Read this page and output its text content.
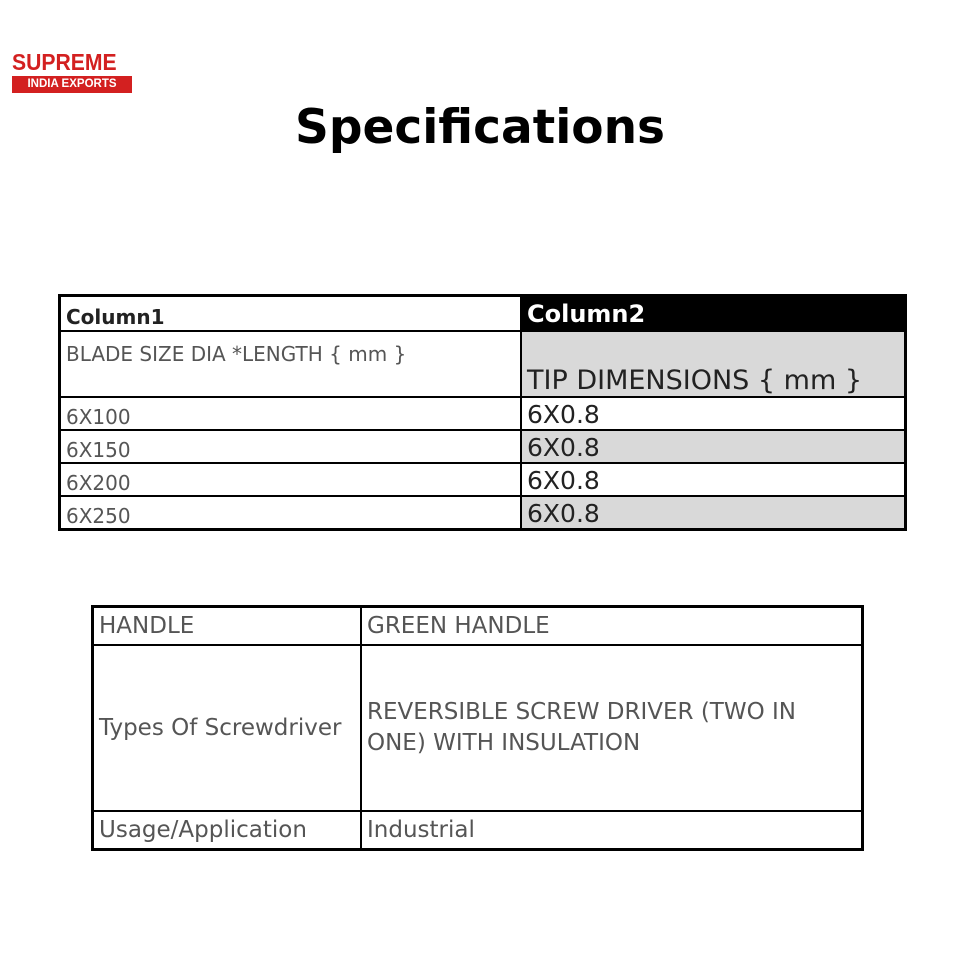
SUPREME
INDIA EXPORTS
Specifications
Column1	Column2
BLADE SIZE DIA *LENGTH { mm }	TIP DIMENSIONS { mm }
6X100	6X0.8
6X150	6X0.8
6X200	6X0.8
6X250	6X0.8
HANDLE	GREEN HANDLE
Types Of Screwdriver	REVERSIBLE SCREW DRIVER (TWO IN ONE) WITH INSULATION
Usage/Application	Industrial
